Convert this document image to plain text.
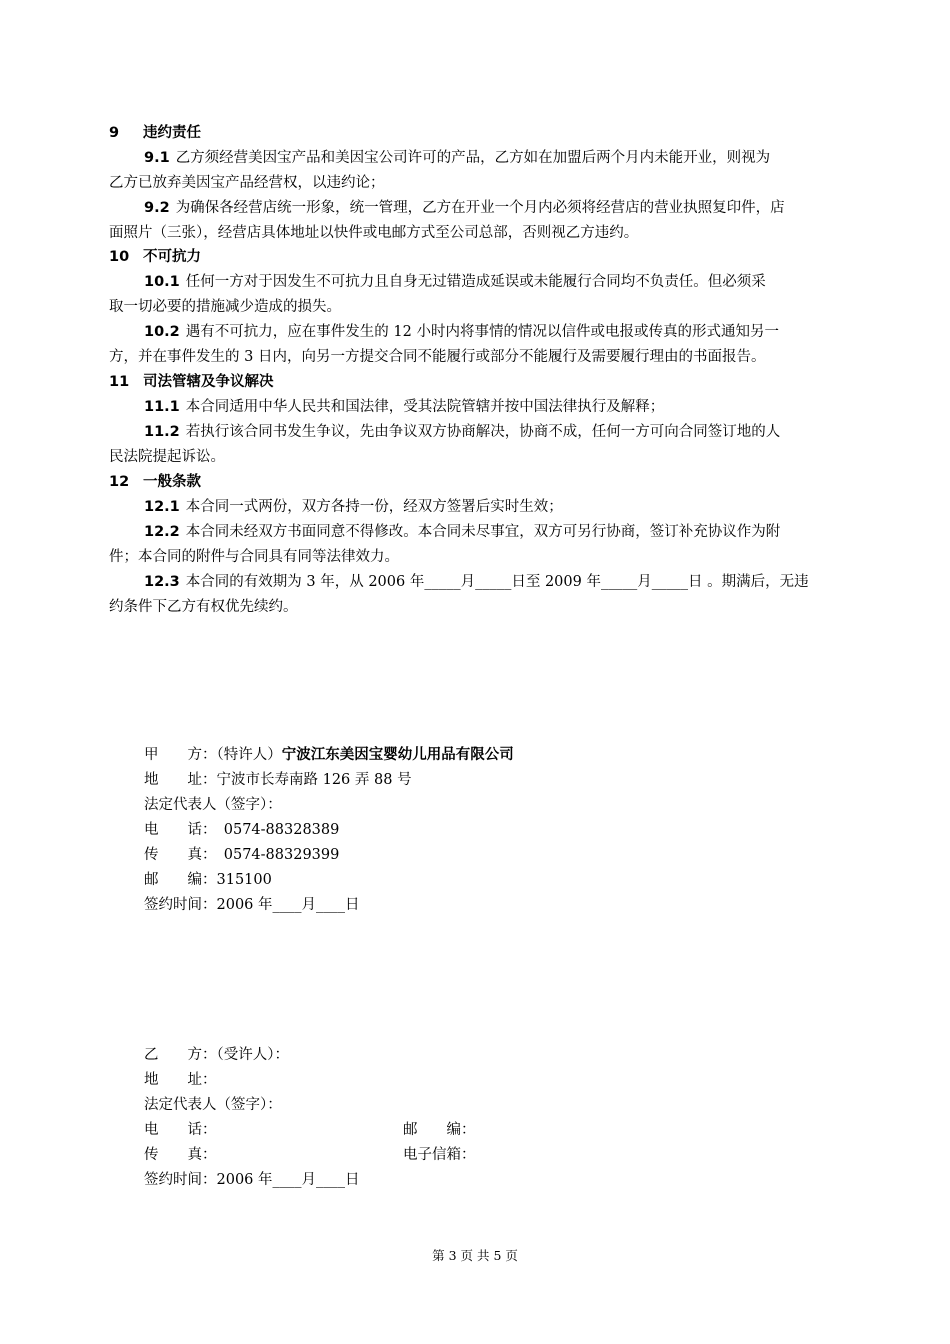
9 违约责任
9.1 乙方须经营美因宝产品和美因宝公司许可的产品，乙方如在加盟后两个月内未能开业，则视为
乙方已放弃美因宝产品经营权，以违约论；
9.2 为确保各经营店统一形象，统一管理，乙方在开业一个月内必须将经营店的营业执照复印件，店
面照片（三张），经营店具体地址以快件或电邮方式至公司总部，否则视乙方违约。
10 不可抗力
10.1 任何一方对于因发生不可抗力且自身无过错造成延误或未能履行合同均不负责任。但必须采
取一切必要的措施减少造成的损失。
10.2 遇有不可抗力，应在事件发生的 12 小时内将事情的情况以信件或电报或传真的形式通知另一
方，并在事件发生的 3 日内，向另一方提交合同不能履行或部分不能履行及需要履行理由的书面报告。
11 司法管辖及争议解决
11.1 本合同适用中华人民共和国法律，受其法院管辖并按中国法律执行及解释；
11.2 若执行该合同书发生争议，先由争议双方协商解决，协商不成，任何一方可向合同签订地的人
民法院提起诉讼。
12 一般条款
12.1 本合同一式两份，双方各持一份，经双方签署后实时生效；
12.2 本合同未经双方书面同意不得修改。本合同未尽事宜，双方可另行协商，签订补充协议作为附
件；本合同的附件与合同具有同等法律效力。
12.3 本合同的有效期为 3 年，从 2006 年_____月_____日至 2009 年_____月_____日 。期满后，无违
约条件下乙方有权优先续约。
甲　　方：（特许人）宁波江东美因宝婴幼儿用品有限公司
地　　址：宁波市长寿南路 126 弄 88 号
法定代表人（签字）：
电　　话：　0574-88328389
传　　真：　0574-88329399
邮　　编：315100
签约时间：2006 年____月____日
乙　　方：（受许人）：
地　　址：
法定代表人（签字）：
电　　话：	邮　　编：
传　　真：	电子信箱：
签约时间：2006 年____月____日
第 3 页 共 5 页
